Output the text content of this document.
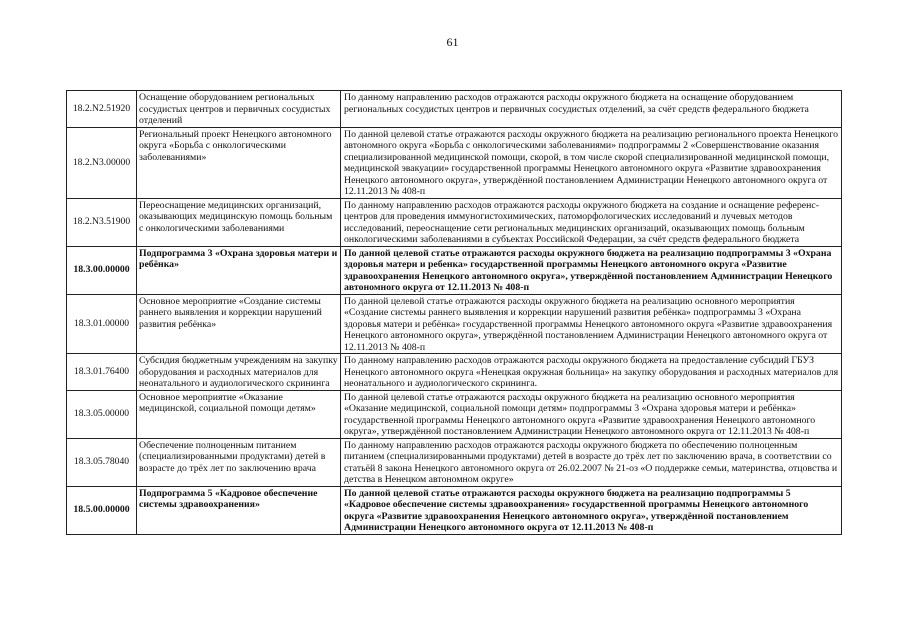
61
18.2.N2.51920	Оснащение оборудованием региональных сосудистых центров и первичных сосудистых отделений	По данному направлению расходов отражаются расходы окружного бюджета на оснащение оборудованием региональных сосудистых центров и первичных сосудистых отделений, за счёт средств федерального бюджета
18.2.N3.00000	Региональный проект Ненецкого автономного округа «Борьба с онкологическими заболеваниями»	По данной целевой статье отражаются расходы окружного бюджета на реализацию регионального проекта Ненецкого автономного округа «Борьба с онкологическими заболеваниями» подпрограммы 2 «Совершенствование оказания специализированной медицинской помощи, скорой, в том числе скорой специализированной медицинской помощи, медицинской эвакуации» государственной программы Ненецкого автономного округа «Развитие здравоохранения Ненецкого автономного округа», утверждённой постановлением Администрации Ненецкого автономного округа от 12.11.2013 № 408-п
18.2.N3.51900	Переоснащение медицинских организаций, оказывающих медицинскую помощь больным с онкологическими заболеваниями	По данному направлению расходов отражаются расходы окружного бюджета на создание и оснащение референс-центров для проведения иммуногистохимических, патоморфологических исследований и лучевых методов исследований, переоснащение сети региональных медицинских организаций, оказывающих помощь больным онкологическими заболеваниями в субъектах Российской Федерации, за счёт средств федерального бюджета
18.3.00.00000	Подпрограмма 3 «Охрана здоровья матери и ребёнка»	По данной целевой статье отражаются расходы окружного бюджета на реализацию подпрограммы 3 «Охрана здоровья матери и ребенка» государственной программы Ненецкого автономного округа «Развитие здравоохранения Ненецкого автономного округа», утверждённой постановлением Администрации Ненецкого автономного округа от 12.11.2013 № 408-п
18.3.01.00000	Основное мероприятие «Создание системы раннего выявления и коррекции нарушений развития ребёнка»	По данной целевой статье отражаются расходы окружного бюджета на реализацию основного мероприятия «Создание системы раннего выявления и коррекции нарушений развития ребёнка» подпрограммы 3 «Охрана здоровья матери и ребёнка» государственной программы Ненецкого автономного округа «Развитие здравоохранения Ненецкого автономного округа», утверждённой постановлением Администрации Ненецкого автономного округа от 12.11.2013 № 408-п
18.3.01.76400	Субсидия бюджетным учреждениям на закупку оборудования и расходных материалов для неонатального и аудиологического скрининга	По данному направлению расходов отражаются расходы окружного бюджета на предоставление субсидий ГБУЗ Ненецкого автономного округа «Ненецкая окружная больница» на закупку оборудования и расходных материалов для неонатального и аудиологического скрининга.
18.3.05.00000	Основное мероприятие «Оказание медицинской, социальной помощи детям»	По данной целевой статье отражаются расходы окружного бюджета на реализацию основного мероприятия «Оказание медицинской, социальной помощи детям» подпрограммы 3 «Охрана здоровья матери и ребёнка» государственной программы Ненецкого автономного округа «Развитие здравоохранения Ненецкого автономного округа», утверждённой постановлением Администрации Ненецкого автономного округа от 12.11.2013 № 408-п
18.3.05.78040	Обеспечение полноценным питанием (специализированными продуктами) детей в возрасте до трёх лет по заключению врача	По данному направлению расходов отражаются расходы окружного бюджета по обеспечению полноценным питанием (специализированными продуктами) детей в возрасте до трёх лет по заключению врача, в соответствии со статьёй 8 закона Ненецкого автономного округа от 26.02.2007 № 21-оз «О поддержке семьи, материнства, отцовства и детства в Ненецком автономном округе»
18.5.00.00000	Подпрограмма 5 «Кадровое обеспечение системы здравоохранения»	По данной целевой статье отражаются расходы окружного бюджета на реализацию подпрограммы 5 «Кадровое обеспечение системы здравоохранения» государственной программы Ненецкого автономного округа «Развитие здравоохранения Ненецкого автономного округа», утверждённой постановлением Администрации Ненецкого автономного округа от 12.11.2013 № 408-п
